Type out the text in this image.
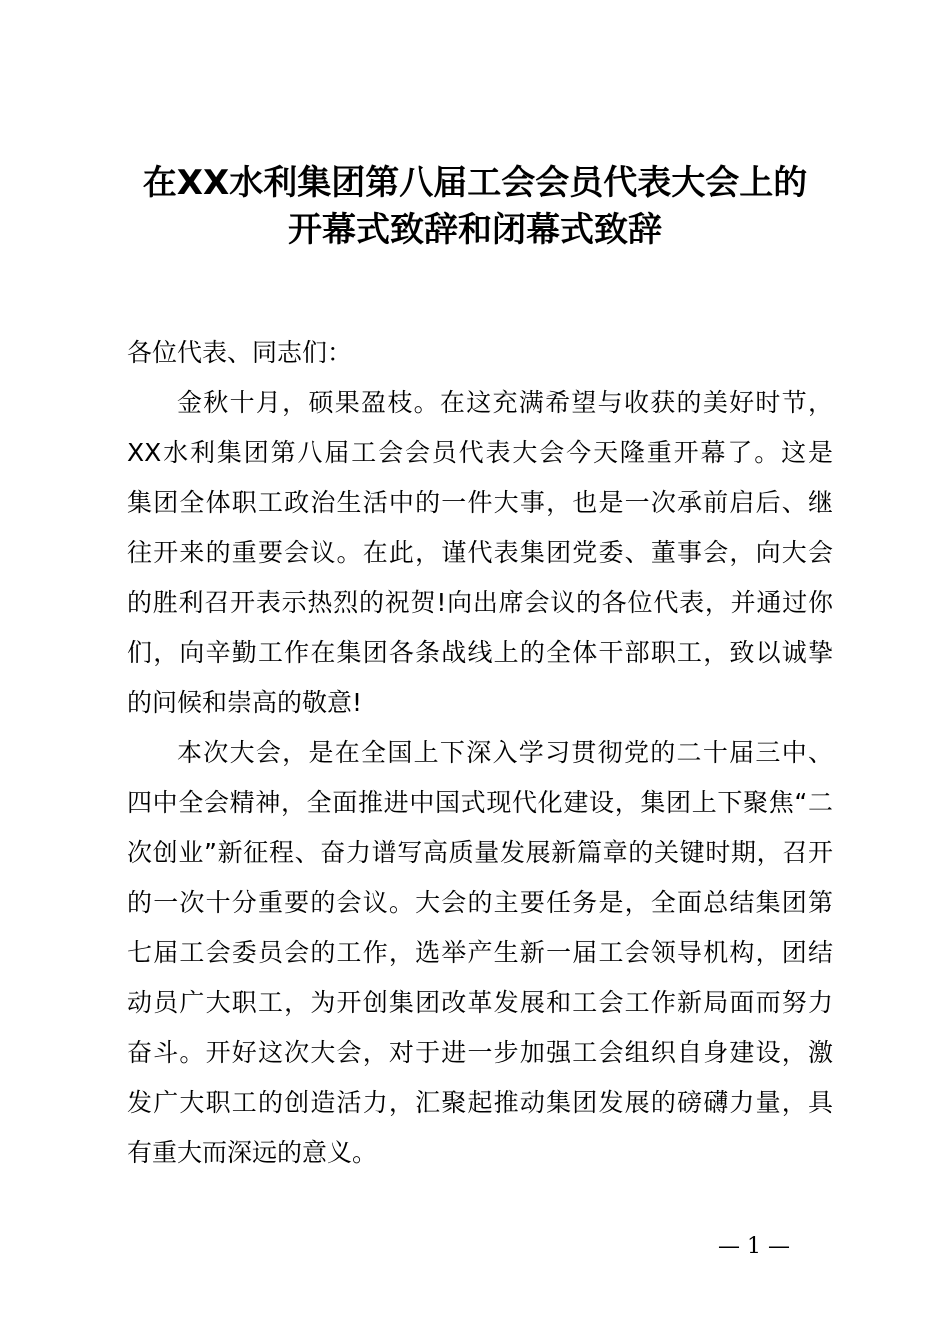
在XX水利集团第八届工会会员代表大会上的
开幕式致辞和闭幕式致辞
各位代表、同志们：
金秋十月，硕果盈枝。在这充满希望与收获的美好时节，
XX水利集团第八届工会会员代表大会今天隆重开幕了。这是
集团全体职工政治生活中的一件大事，也是一次承前启后、继
往开来的重要会议。在此，谨代表集团党委、董事会，向大会
的胜利召开表示热烈的祝贺!向出席会议的各位代表，并通过你
们，向辛勤工作在集团各条战线上的全体干部职工，致以诚挚
的问候和崇高的敬意!
本次大会，是在全国上下深入学习贯彻党的二十届三中、
四中全会精神，全面推进中国式现代化建设，集团上下聚焦“二
次创业”新征程、奋力谱写高质量发展新篇章的关键时期，召开
的一次十分重要的会议。大会的主要任务是，全面总结集团第
七届工会委员会的工作，选举产生新一届工会领导机构，团结
动员广大职工，为开创集团改革发展和工会工作新局面而努力
奋斗。开好这次大会，对于进一步加强工会组织自身建设，激
发广大职工的创造活力，汇聚起推动集团发展的磅礴力量，具
有重大而深远的意义。
— 1 —
